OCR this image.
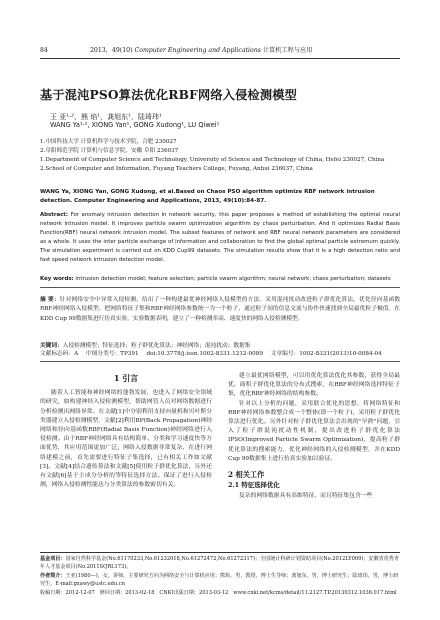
84	2013，49(10) Computer Engineering and Applications 计算机工程与应用
基于混沌PSO算法优化RBF网络入侵检测模型
王 亚¹·²，熊 焰¹，龚旭东¹，陆琦玮¹
WANG Ya¹·², XIONG Yan¹, GONG Xudong¹, LU Qiwei¹
1.中国科技大学 计算机科学与技术学院，合肥 230027
2.阜阳师范学院 计算机与信息学院，安徽 阜阳 236037
1.Department of Computer Science and Technology, University of Science and Technology of China, Hefei 230027, China
2.School of Computer and Information, Fuyang Teachers College, Fuyang, Anhui 236037, China
WANG Ya, XIONG Yan, GONG Xudong, et al.Based on Chaos PSO algorithm optimize RBF network intrusion detection. Computer Engineering and Applications, 2013, 49(10):84-87.
Abstract: For anomaly intrusion detection in network security, this paper proposes a method of establishing the optimal neural network intrusion model. It improves particle swarm optimization algorithm by chaos perturbation. And it optimizes Radial Basis Function(RBF) neural network intrusion model. The subset features of network and RBF neural network parameters are considered as a whole. It uses the inter particle exchange of information and collaboration to find the global optimal particle extremum quickly. The simulation experiment is carried out on KDD Cup99 datasets. The simulation results show that it is a high detection ratio and fast speed network intrusion detection model.
Key words: intrusion detection model; feature selection; particle swarm algorithm; neural network; chaos perturbation; datasets
摘 要：针对网络安全中异常入侵检测，给出了一种构建最优神经网络入侵模型的方法。采用混沌扰动改进粒子群优化算法，优化径向基函数RBF神经网络入侵模型。把网络特征子集和RBF神经网络参数统一为一个粒子，通过粒子间的信息交流与协作快速找到全局最优粒子极值。在KDD Cup 99数据集进行仿真实验，实验数据表明，建立了一种检测率高、速度快的网络入侵检测模型。
关键词：入侵检测模型；特征选择；粒子群优化算法；神经网络；混沌扰动；数据集
文献标志码：A 中图分类号：TP391 doi:10.3778/j.issn.1002-8331.1212-0089 文章编号：1002-8331(2013)10-0084-04
1 引言

随着人工智能和神经网络的蓬勃发展，也进入了网络安全领域的研究，如构建神经入侵检测模型，帮助网管人员对网络数据进行分析检测出网络异常。在文献[1]中分别利用支持向量机和贝叶斯分类器建立入侵检测模型，文献[2]利用BP(Back Propagation)神经网络和径向基函数RBF(Radial Basis Function)神经网络进行入侵检测。由于RBF神经网络具有结构简单、分类和学习速度快等方面优势，其应用范围更加广泛。网络入侵数据非常复杂，在进行网络建模之前，首先需要进行特征子集选择，已有相关工作如文献[3]。文献[4]结合遗传算法和文献[5]使用粒子群优化算法，另外还有文献[6]基于主成分分析的等特征选择方法。保证了进行入侵检测，网络入侵检测性能达与分类算法的参数密切有关。

建立最优网络模型，可以用优化算法优化其参数，获得全局最优。面积子群优化算法的分布式搜索，在RBF神经网络选择特征子集，优化RBF神经网络的结构参数。

针对以上分析的问题，采用联合优化的思想，将网络特征和RBF神经网络参数整合成一个整体(即一个粒子)，采用粒子群优化算法进行优化。另外针对粒子群优化算法会出现的"早熟"问题，引入了粒子群混沌扰动性机制，提出改进粒子群优化算法IPSO(Improved Particle Swarm Optimization)，提高粒子群优化算法的搜索能力，优化神经网络的入侵检测模型，并在KDD Cup 99数据集上进行仿真实验加以验证。

2 相关工作
2.1 特征选择优化

复杂的网络数据具有高维特征，而且特征集包含一些

基金项目：国家自然科学基金(No.61170233,No.61232018,No.61272472,No.61272317)；全国统计科研计划资助项目(No.2012LY009)；安徽省优秀青年人才基金项目(No.2011SQRL173)。
作者简介：王亚(1980—)，女，讲师，主要研究方向为网络安全与计算机应用；熊焰，男，教授，博士生导师；龚旭东，男，博士研究生；陆琦玮，男，博士研究生。E-mail:gxawy@ustc.edu.cn
收稿日期：2012-12-07 修回日期：2013-02-18 CNKI出版日期：2013-03-12 www.cnki.net/kcms/detail/11.2127.TP.20130312.1036.017.html
